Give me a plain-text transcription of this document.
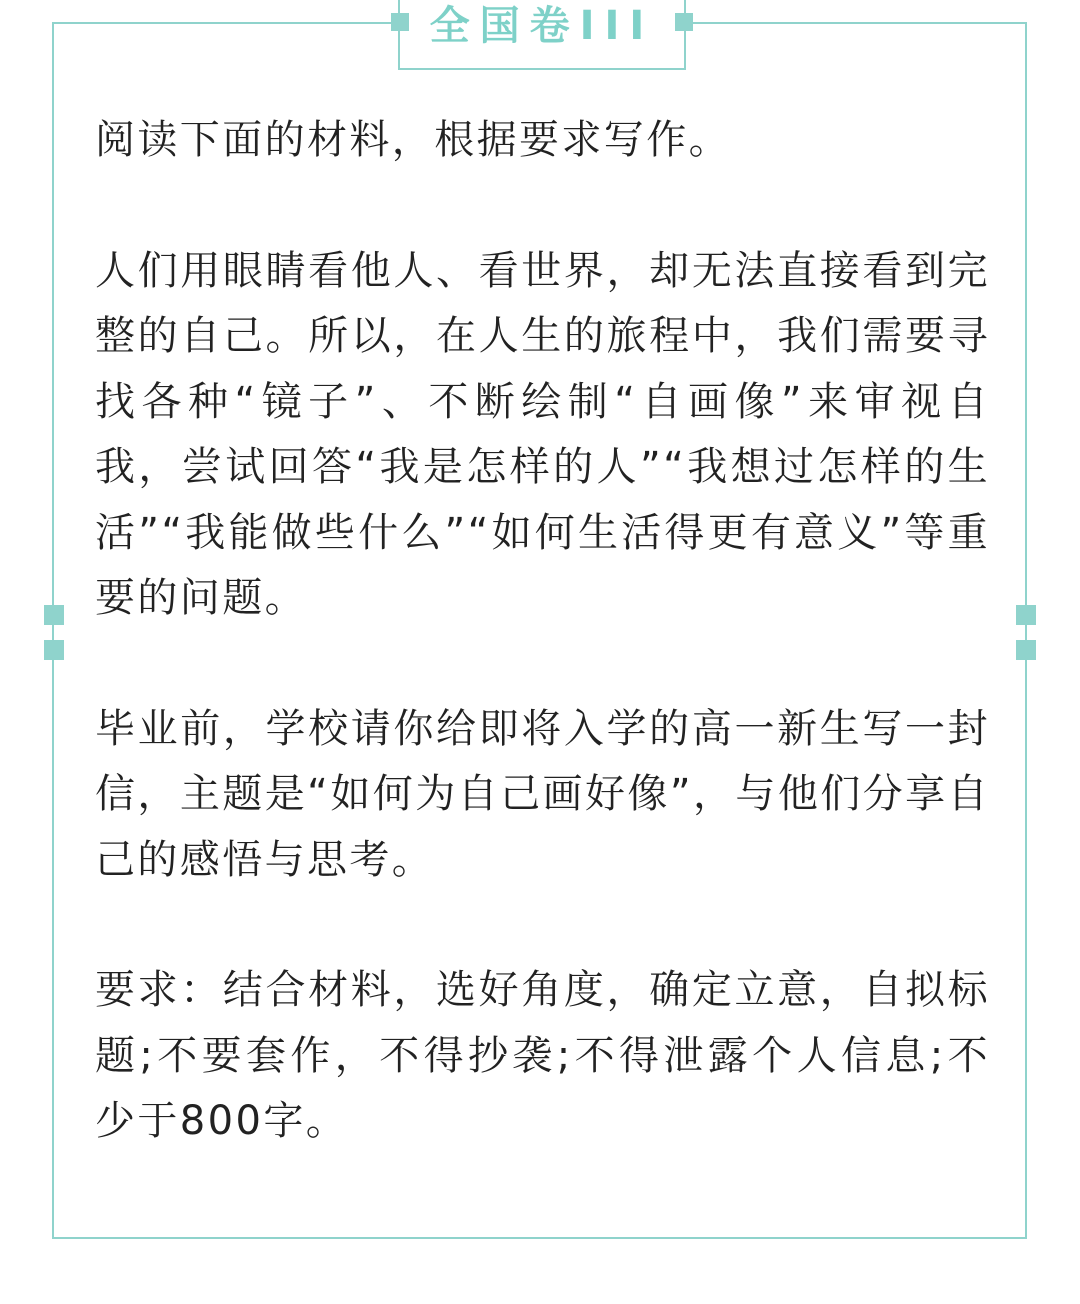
全国卷III

阅读下面的材料，根据要求写作。

人们用眼睛看他人、看世界，却无法直接看到完整的自己。所以，在人生的旅程中，我们需要寻找各种“镜子”、不断绘制“自画像”来审视自我，尝试回答“我是怎样的人”“我想过怎样的生活”“我能做些什么”“如何生活得更有意义”等重要的问题。

毕业前，学校请你给即将入学的高一新生写一封信，主题是“如何为自己画好像”，与他们分享自己的感悟与思考。

要求：结合材料，选好角度，确定立意，自拟标题;不要套作，不得抄袭;不得泄露个人信息;不少于800字。
